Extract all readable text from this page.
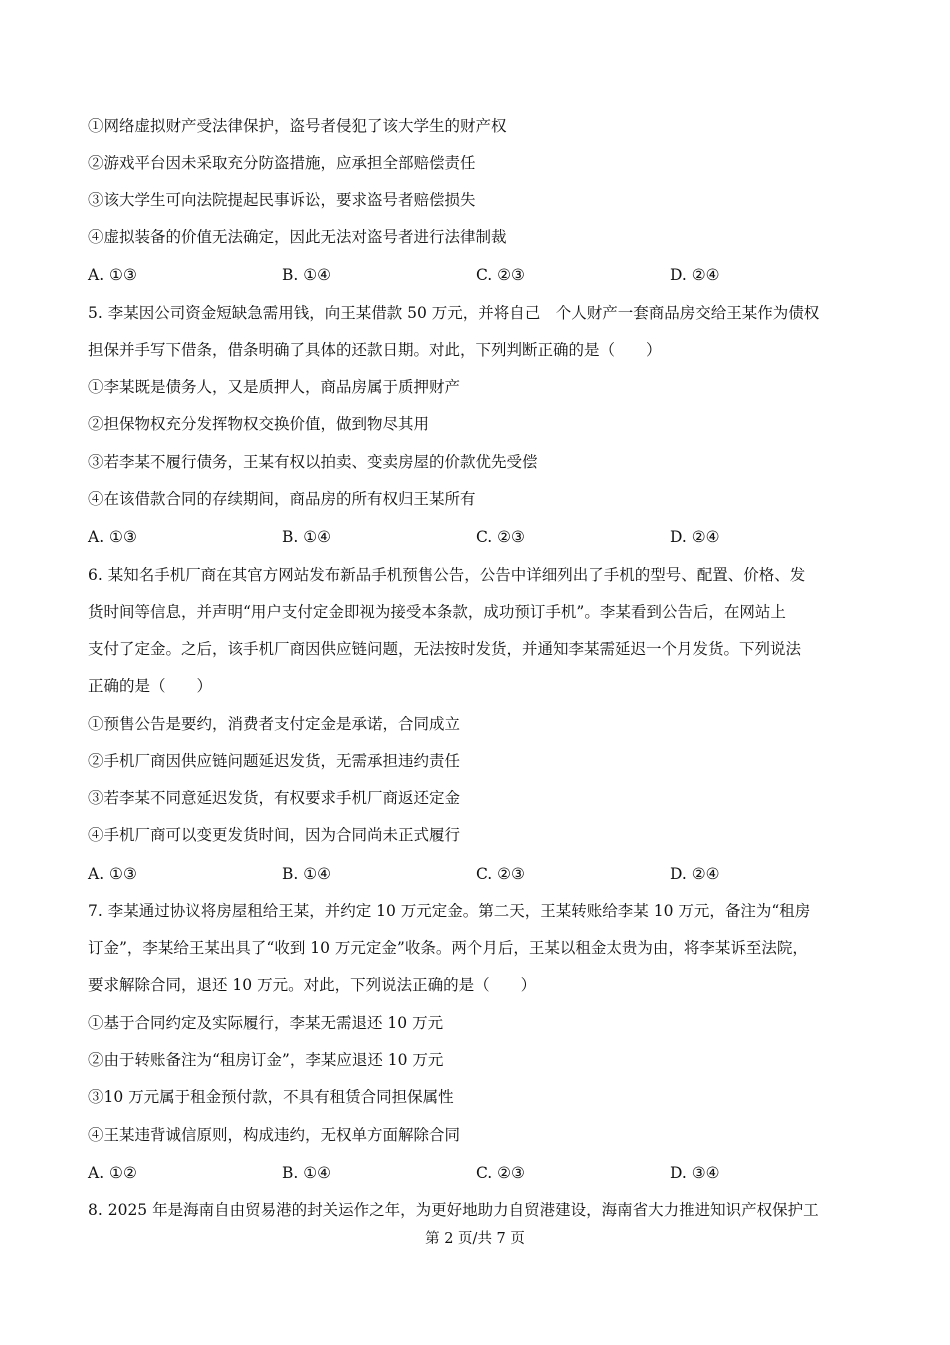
①网络虚拟财产受法律保护，盗号者侵犯了该大学生的财产权
②游戏平台因未采取充分防盗措施，应承担全部赔偿责任
③该大学生可向法院提起民事诉讼，要求盗号者赔偿损失
④虚拟装备的价值无法确定，因此无法对盗号者进行法律制裁
A. ①③	B. ①④	C. ②③	D. ②④
5. 李某因公司资金短缺急需用钱，向王某借款 50 万元，并将自己　个人财产一套商品房交给王某作为债权
担保并手写下借条，借条明确了具体的还款日期。对此，下列判断正确的是（　　）
①李某既是债务人，又是质押人，商品房属于质押财产
②担保物权充分发挥物权交换价值，做到物尽其用
③若李某不履行债务，王某有权以拍卖、变卖房屋的价款优先受偿
④在该借款合同的存续期间，商品房的所有权归王某所有
A. ①③	B. ①④	C. ②③	D. ②④
6. 某知名手机厂商在其官方网站发布新品手机预售公告，公告中详细列出了手机的型号、配置、价格、发
货时间等信息，并声明“用户支付定金即视为接受本条款，成功预订手机”。李某看到公告后，在网站上
支付了定金。之后，该手机厂商因供应链问题，无法按时发货，并通知李某需延迟一个月发货。下列说法
正确的是（　　）
①预售公告是要约，消费者支付定金是承诺，合同成立
②手机厂商因供应链问题延迟发货，无需承担违约责任
③若李某不同意延迟发货，有权要求手机厂商返还定金
④手机厂商可以变更发货时间，因为合同尚未正式履行
A. ①③	B. ①④	C. ②③	D. ②④
7. 李某通过协议将房屋租给王某，并约定 10 万元定金。第二天，王某转账给李某 10 万元，备注为“租房
订金”，李某给王某出具了“收到 10 万元定金”收条。两个月后，王某以租金太贵为由，将李某诉至法院，
要求解除合同，退还 10 万元。对此，下列说法正确的是（　　）
①基于合同约定及实际履行，李某无需退还 10 万元
②由于转账备注为“租房订金”，李某应退还 10 万元
③10 万元属于租金预付款，不具有租赁合同担保属性
④王某违背诚信原则，构成违约，无权单方面解除合同
A. ①②	B. ①④	C. ②③	D. ③④
8. 2025 年是海南自由贸易港的封关运作之年，为更好地助力自贸港建设，海南省大力推进知识产权保护工
第 2 页/共 7 页
